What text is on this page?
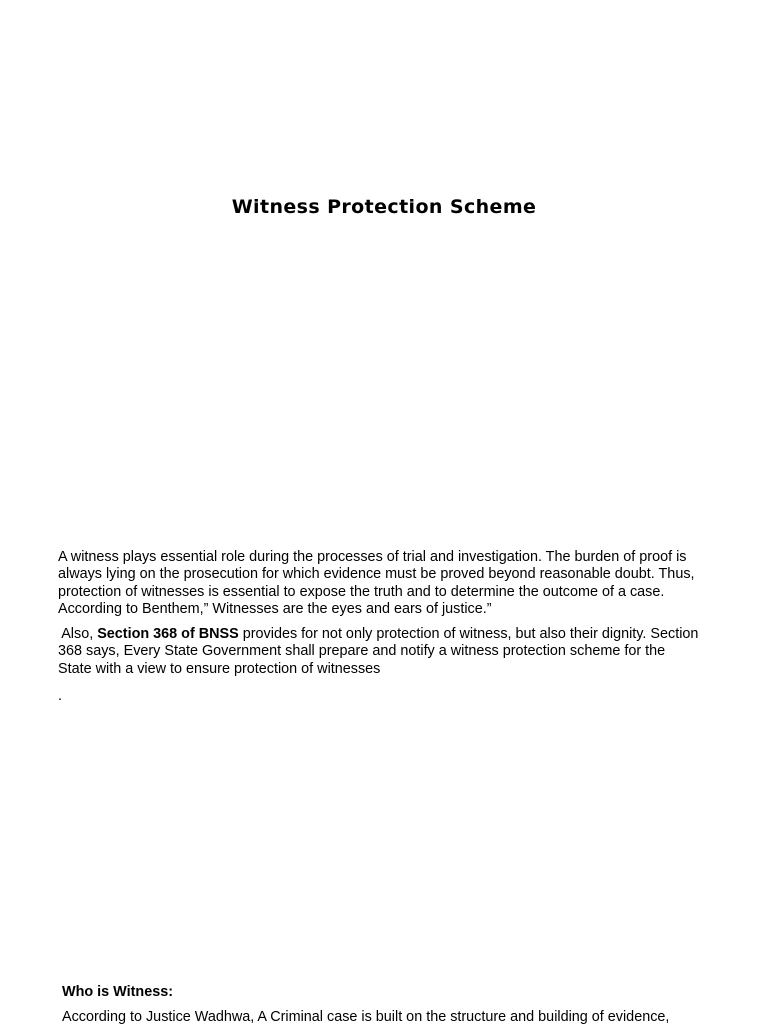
Witness Protection Scheme
A witness plays essential role during the processes of trial and investigation. The burden of proof is
always lying on the prosecution for which evidence must be proved beyond reasonable doubt. Thus,
protection of witnesses is essential to expose the truth and to determine the outcome of a case.
According to Benthem,” Witnesses are the eyes and ears of justice.”
Also, Section 368 of BNSS provides for not only protection of witness, but also their dignity. Section
368 says, Every State Government shall prepare and notify a witness protection scheme for the
State with a view to ensure protection of witnesses
.
Who is Witness:
According to Justice Wadhwa, A Criminal case is built on the structure and building of evidence,
